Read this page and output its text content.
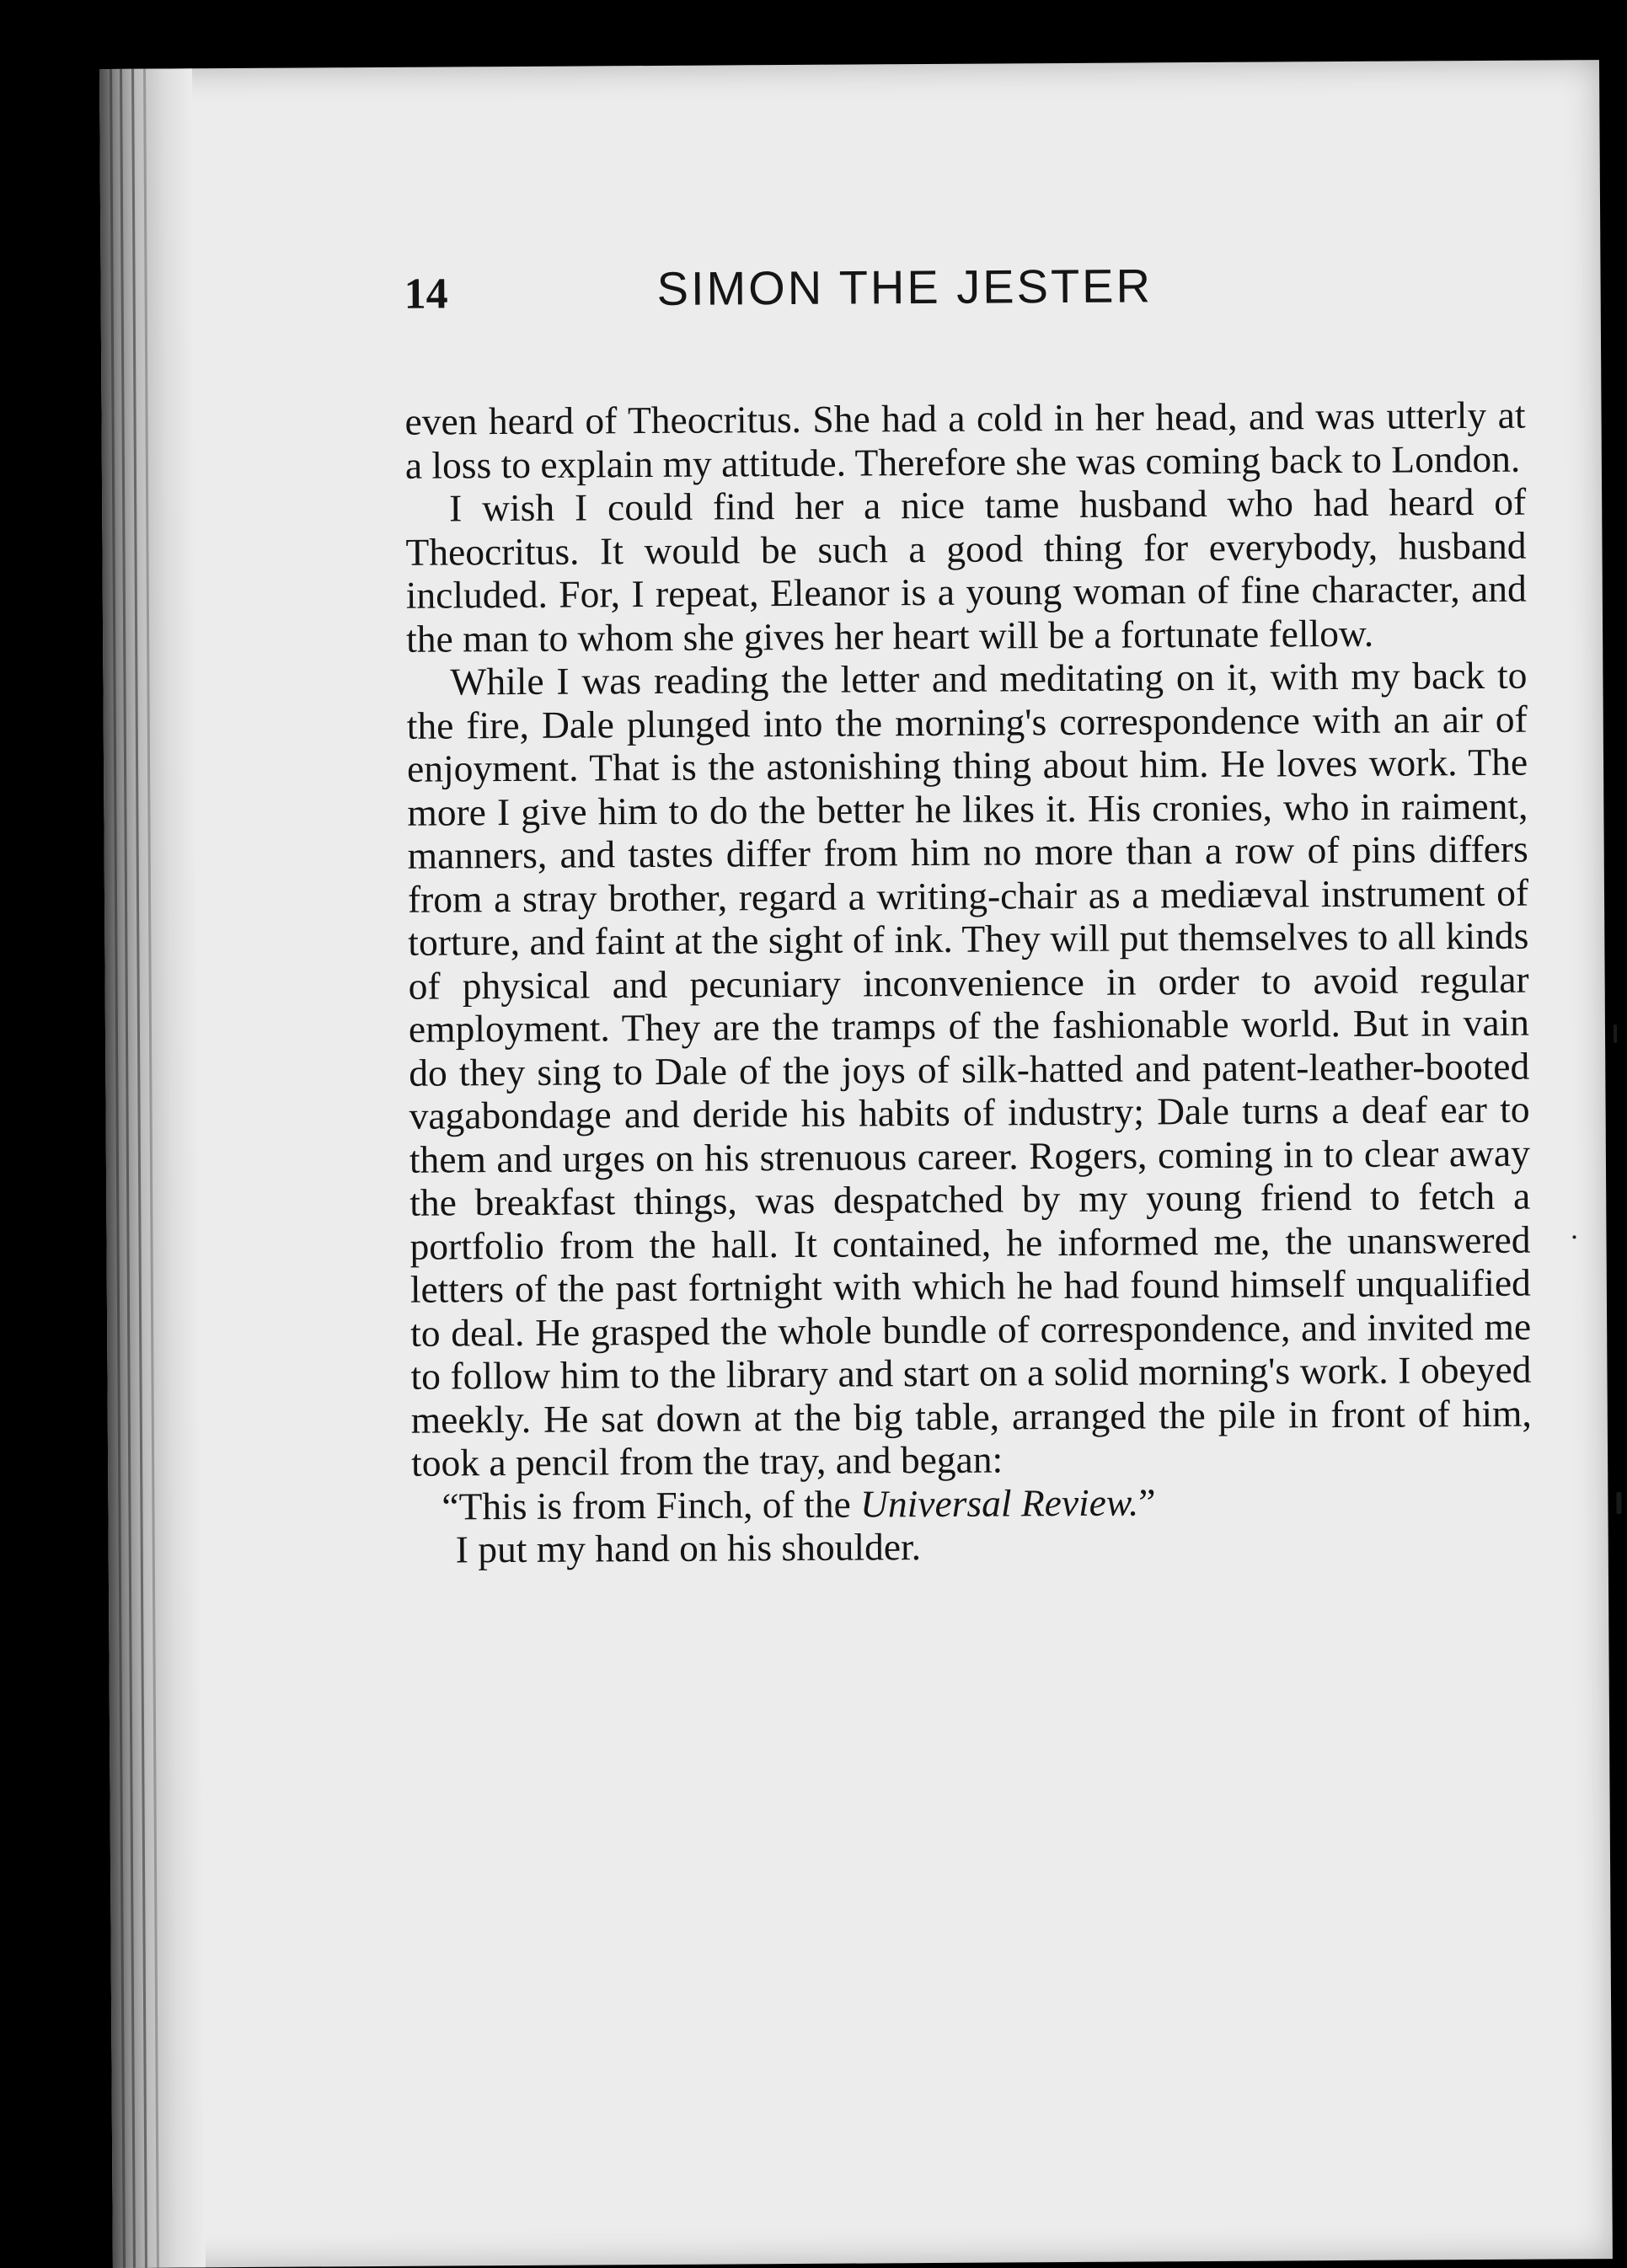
14	SIMON THE JESTER

even heard of Theocritus. She had a cold in her head, and was utterly at a loss to explain my attitude. Therefore she was coming back to London.

I wish I could find her a nice tame husband who had heard of Theocritus. It would be such a good thing for everybody, husband included. For, I repeat, Eleanor is a young woman of fine character, and the man to whom she gives her heart will be a fortunate fellow.

While I was reading the letter and meditating on it, with my back to the fire, Dale plunged into the morning's correspondence with an air of enjoyment. That is the astonishing thing about him. He loves work. The more I give him to do the better he likes it. His cronies, who in raiment, manners, and tastes differ from him no more than a row of pins differs from a stray brother, regard a writing-chair as a mediæval instrument of torture, and faint at the sight of ink. They will put themselves to all kinds of physical and pecuniary inconvenience in order to avoid regular employment. They are the tramps of the fashionable world. But in vain do they sing to Dale of the joys of silk-hatted and patent-leather-booted vagabondage and deride his habits of industry; Dale turns a deaf ear to them and urges on his strenuous career. Rogers, coming in to clear away the breakfast things, was despatched by my young friend to fetch a portfolio from the hall. It contained, he informed me, the unanswered letters of the past fortnight with which he had found himself unqualified to deal. He grasped the whole bundle of correspondence, and invited me to follow him to the library and start on a solid morning's work. I obeyed meekly. He sat down at the big table, arranged the pile in front of him, took a pencil from the tray, and began:

“This is from Finch, of the Universal Review.”

I put my hand on his shoulder.
